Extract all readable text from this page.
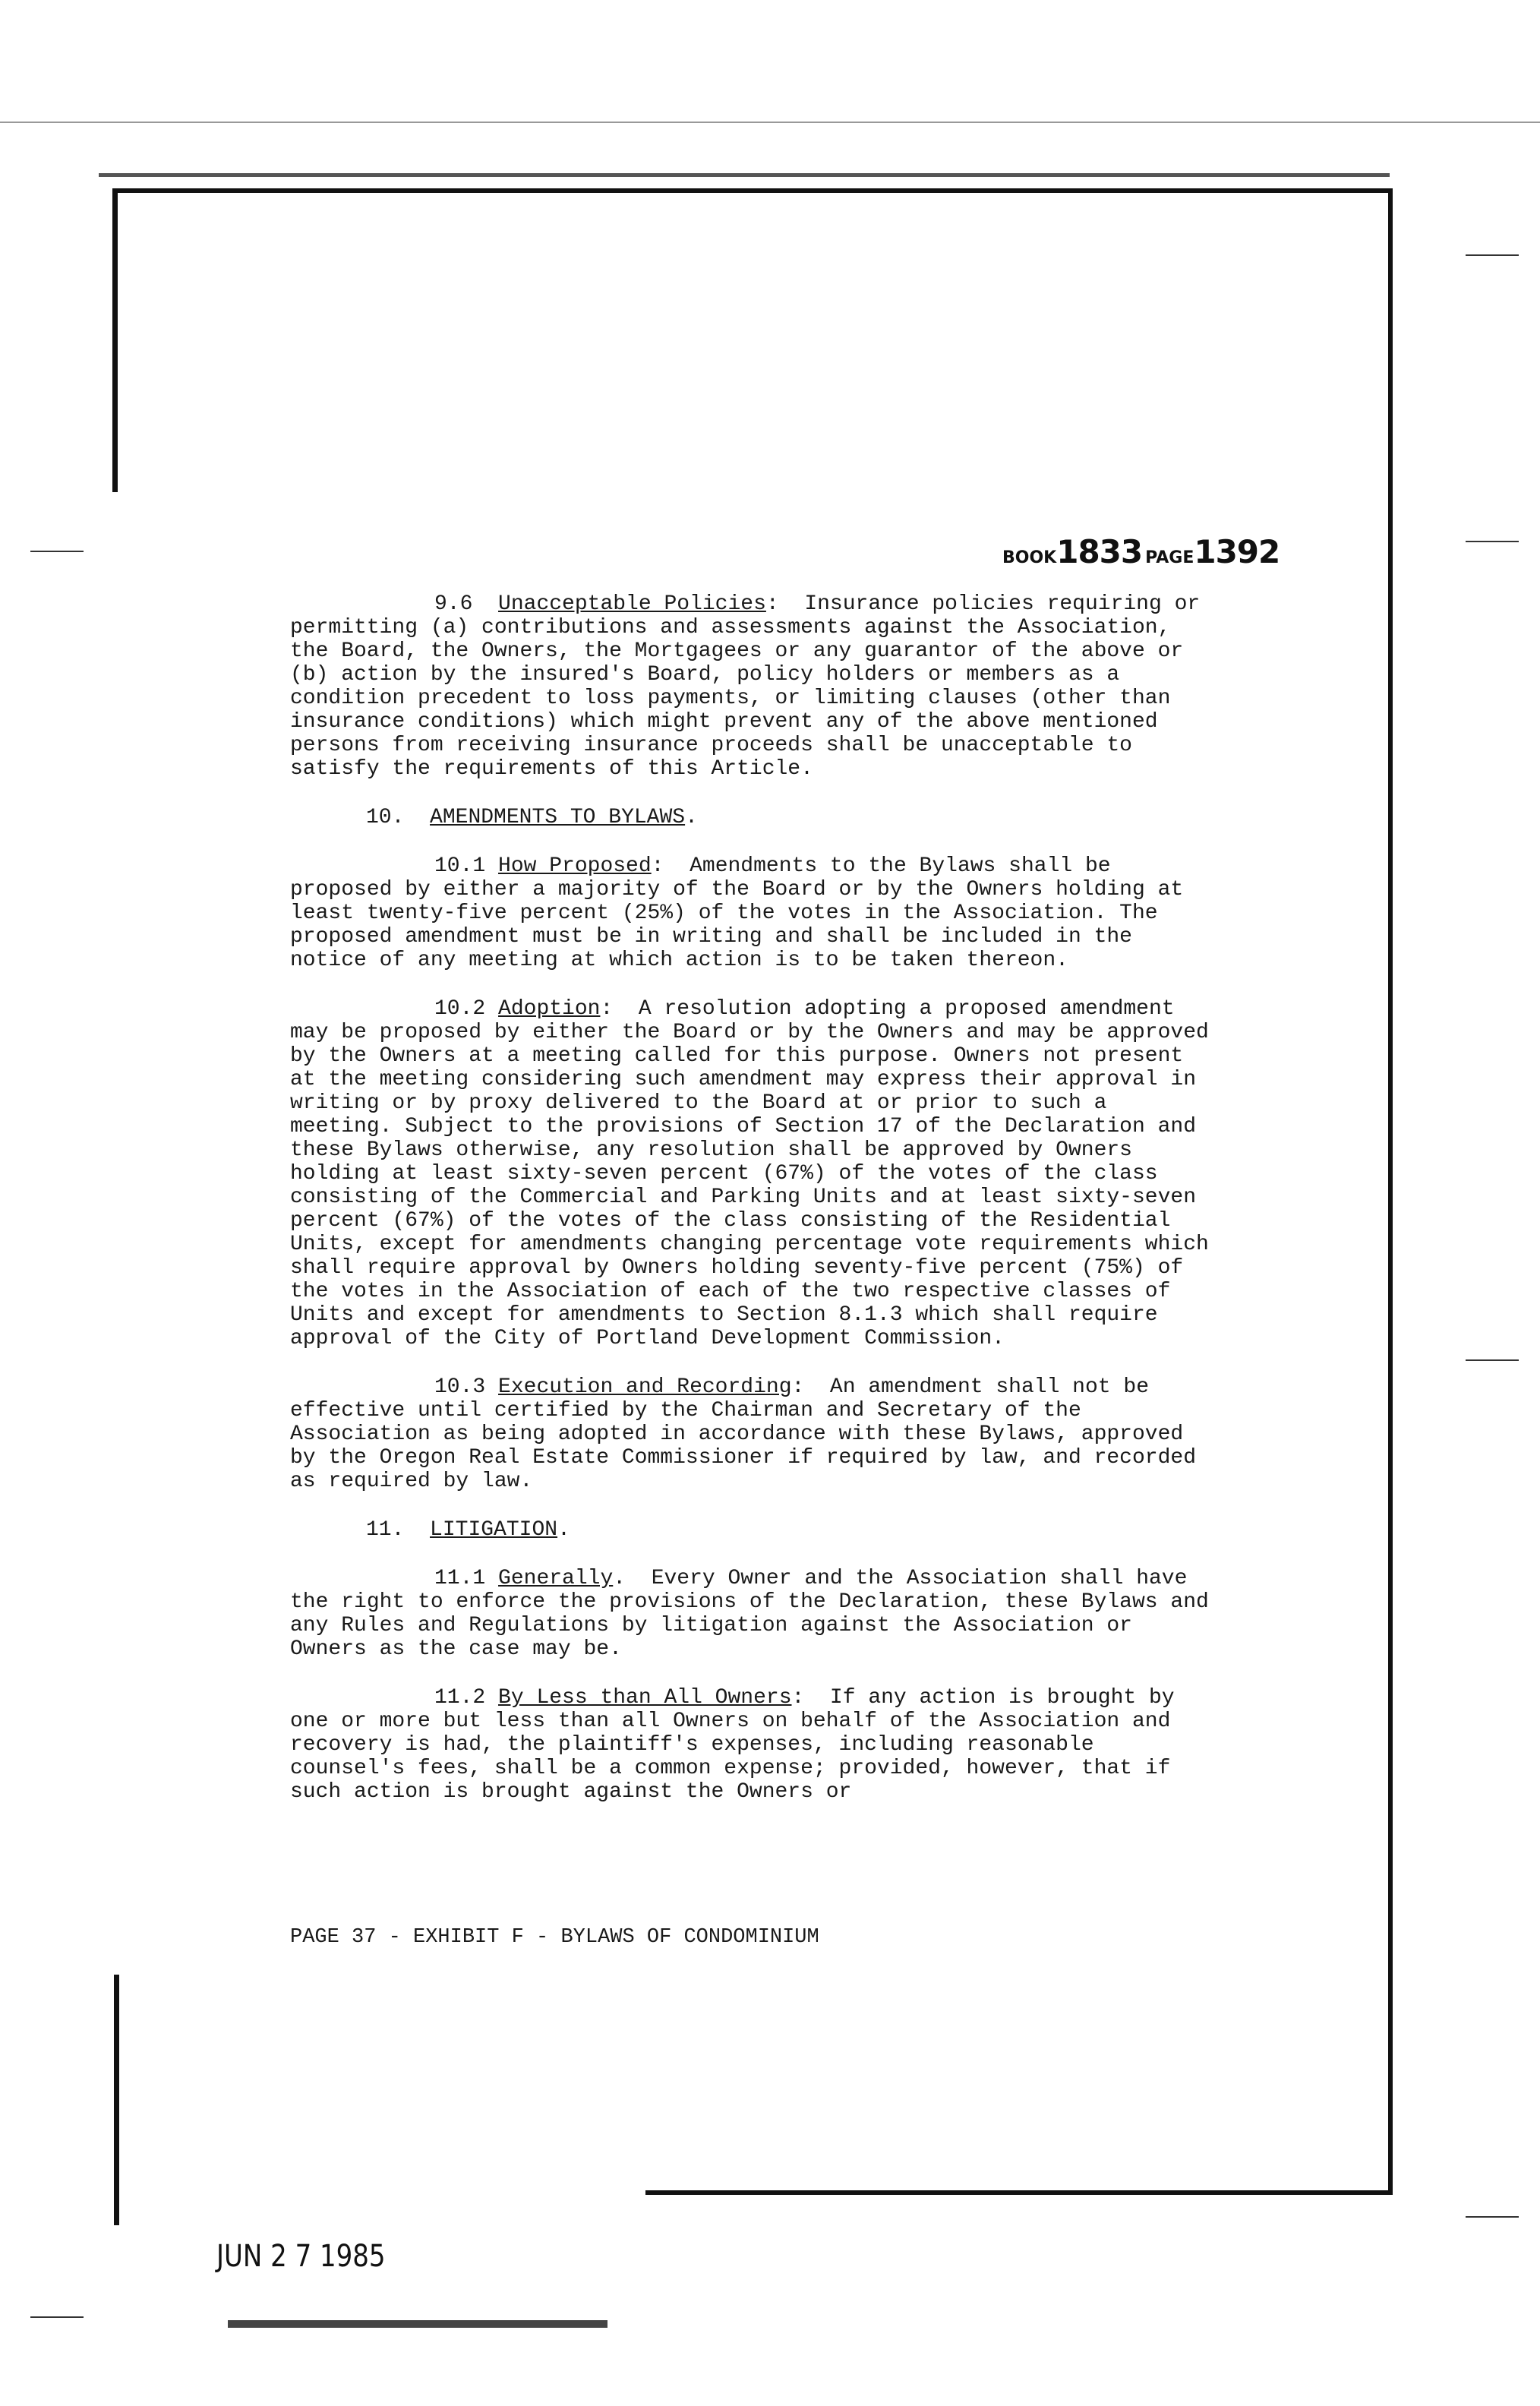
BOOK1833 PAGE1392

9.6 Unacceptable Policies: Insurance policies requiring or permitting (a) contributions and assessments against the Association, the Board, the Owners, the Mortgagees or any guarantor of the above or (b) action by the insured's Board, policy holders or members as a condition precedent to loss payments, or limiting clauses (other than insurance conditions) which might prevent any of the above mentioned persons from receiving insurance proceeds shall be unacceptable to satisfy the requirements of this Article.

10. AMENDMENTS TO BYLAWS.

10.1 How Proposed: Amendments to the Bylaws shall be proposed by either a majority of the Board or by the Owners holding at least twenty-five percent (25%) of the votes in the Association. The proposed amendment must be in writing and shall be included in the notice of any meeting at which action is to be taken thereon.

10.2 Adoption: A resolution adopting a proposed amendment may be proposed by either the Board or by the Owners and may be approved by the Owners at a meeting called for this purpose. Owners not present at the meeting considering such amendment may express their approval in writing or by proxy delivered to the Board at or prior to such a meeting. Subject to the provisions of Section 17 of the Declaration and these Bylaws otherwise, any resolution shall be approved by Owners holding at least sixty-seven percent (67%) of the votes of the class consisting of the Commercial and Parking Units and at least sixty-seven percent (67%) of the votes of the class consisting of the Residential Units, except for amendments changing percentage vote requirements which shall require approval by Owners holding seventy-five percent (75%) of the votes in the Association of each of the two respective classes of Units and except for amendments to Section 8.1.3 which shall require approval of the City of Portland Development Commission.

10.3 Execution and Recording: An amendment shall not be effective until certified by the Chairman and Secretary of the Association as being adopted in accordance with these Bylaws, approved by the Oregon Real Estate Commissioner if required by law, and recorded as required by law.

11. LITIGATION.

11.1 Generally. Every Owner and the Association shall have the right to enforce the provisions of the Declaration, these Bylaws and any Rules and Regulations by litigation against the Association or Owners as the case may be.

11.2 By Less than All Owners: If any action is brought by one or more but less than all Owners on behalf of the Association and recovery is had, the plaintiff's expenses, including reasonable counsel's fees, shall be a common expense; provided, however, that if such action is brought against the Owners or

PAGE 37 - EXHIBIT F - BYLAWS OF CONDOMINIUM
JUN 2 7 1985
